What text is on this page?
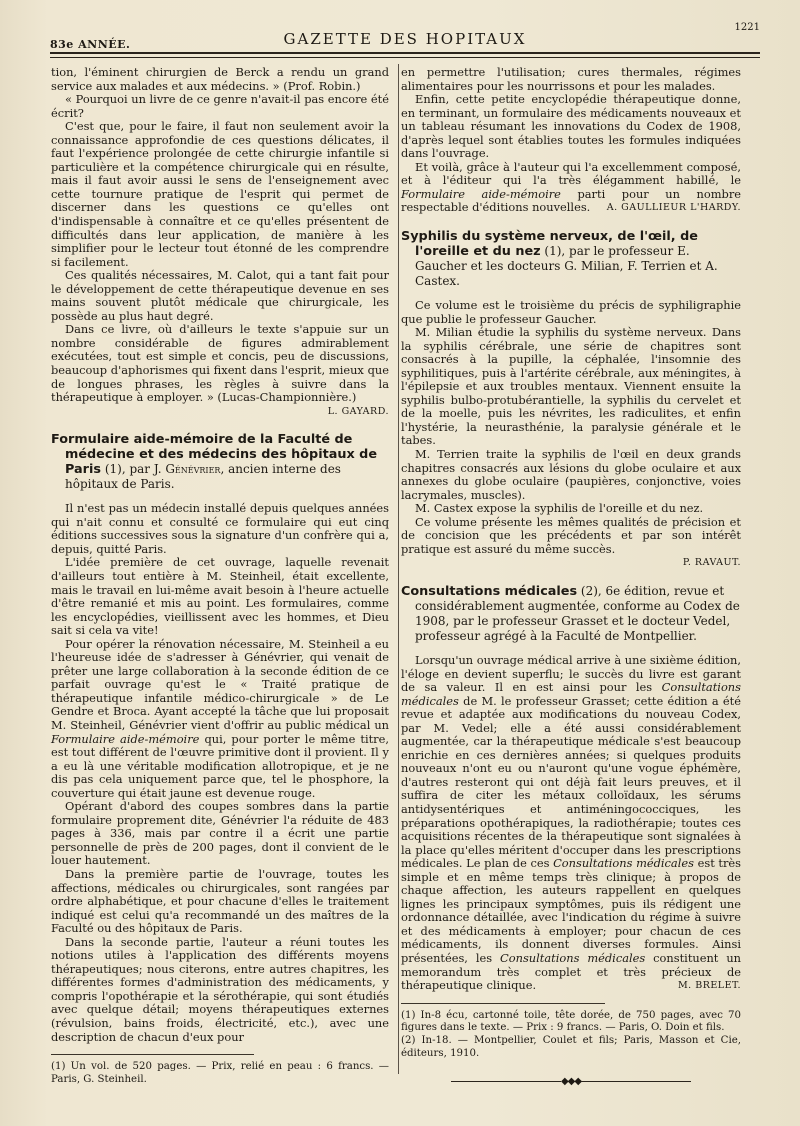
83e ANNÉE.	GAZETTE DES HOPITAUX
1221

tion, l'éminent chirurgien de Berck a rendu un grand service aux malades et aux médecins. » (Prof. Robin.)

« Pourquoi un livre de ce genre n'avait-il pas encore été écrit?

C'est que, pour le faire, il faut non seulement avoir la connaissance approfondie de ces questions délicates, il faut l'expérience prolongée de cette chirurgie infantile si particulière et la compétence chirurgicale qui en résulte, mais il faut avoir aussi le sens de l'enseignement avec cette tournure pratique de l'esprit qui permet de discerner dans les questions ce qu'elles ont d'indispensable à connaître et ce qu'elles présentent de difficultés dans leur application, de manière à les simplifier pour le lecteur tout étonné de les comprendre si facilement.

Ces qualités nécessaires, M. Calot, qui a tant fait pour le développement de cette thérapeutique devenue en ses mains souvent plutôt médicale que chirurgicale, les possède au plus haut degré.

Dans ce livre, où d'ailleurs le texte s'appuie sur un nombre considérable de figures admirablement exécutées, tout est simple et concis, peu de discussions, beaucoup d'aphorismes qui fixent dans l'esprit, mieux que de longues phrases, les règles à suivre dans la thérapeutique à employer. » (Lucas-Championnière.)

L. GAYARD.
Formulaire aide-mémoire de la Faculté de médecine et des médecins des hôpitaux de Paris (1), par J. Génévrier, ancien interne des hôpitaux de Paris.

Il n'est pas un médecin installé depuis quelques années qui n'ait connu et consulté ce formulaire qui eut cinq éditions successives sous la signature d'un confrère qui a, depuis, quitté Paris.

L'idée première de cet ouvrage, laquelle revenait d'ailleurs tout entière à M. Steinheil, était excellente, mais le travail en lui-même avait besoin à l'heure actuelle d'être remanié et mis au point. Les formulaires, comme les encyclopédies, vieillissent avec les hommes, et Dieu sait si cela va vite!

Pour opérer la rénovation nécessaire, M. Steinheil a eu l'heureuse idée de s'adresser à Génévrier, qui venait de prêter une large collaboration à la seconde édition de ce parfait ouvrage qu'est le « Traité pratique de thérapeutique infantile médico-chirurgicale » de Le Gendre et Broca. Ayant accepté la tâche que lui proposait M. Steinheil, Génévrier vient d'offrir au public médical un Formulaire aide-mémoire qui, pour porter le même titre, est tout différent de l'œuvre primitive dont il provient. Il y a eu là une véritable modification allotropique, et je ne dis pas cela uniquement parce que, tel le phosphore, la couverture qui était jaune est devenue rouge.

Opérant d'abord des coupes sombres dans la partie formulaire proprement dite, Génévrier l'a réduite de 483 pages à 336, mais par contre il a écrit une partie personnelle de près de 200 pages, dont il convient de le louer hautement.

Dans la première partie de l'ouvrage, toutes les affections, médicales ou chirurgicales, sont rangées par ordre alphabétique, et pour chacune d'elles le traitement indiqué est celui qu'a recommandé un des maîtres de la Faculté ou des hôpitaux de Paris.

Dans la seconde partie, l'auteur a réuni toutes les notions utiles à l'application des différents moyens thérapeutiques; nous citerons, entre autres chapitres, les différentes formes d'administration des médicaments, y compris l'opothérapie et la sérothérapie, qui sont étudiés avec quelque détail; moyens thérapeutiques externes (révulsion, bains froids, électricité, etc.), avec une description de chacun d'eux pour

(1) Un vol. de 520 pages. — Prix, relié en peau : 6 francs. — Paris, G. Steinheil.

en permettre l'utilisation; cures thermales, régimes alimentaires pour les nourrissons et pour les malades.

Enfin, cette petite encyclopédie thérapeutique donne, en terminant, un formulaire des médicaments nouveaux et un tableau résumant les innovations du Codex de 1908, d'après lequel sont établies toutes les formules indiquées dans l'ouvrage.

Et voilà, grâce à l'auteur qui l'a excellemment composé, et à l'éditeur qui l'a très élégamment habillé, le Formulaire aide-mémoire parti pour un nombre respectable d'éditions nouvelles.	A. GAULLIEUR L'HARDY.

Syphilis du système nerveux, de l'œil, de l'oreille et du nez (1), par le professeur E. Gaucher et les docteurs G. Milian, F. Terrien et A. Castex.

Ce volume est le troisième du précis de syphiligraphie que publie le professeur Gaucher.

M. Milian étudie la syphilis du système nerveux. Dans la syphilis cérébrale, une série de chapitres sont consacrés à la pupille, la céphalée, l'insomnie des syphilitiques, puis à l'artérite cérébrale, aux méningites, à l'épilepsie et aux troubles mentaux. Viennent ensuite la syphilis bulbo-protubérantielle, la syphilis du cervelet et de la moelle, puis les névrites, les radiculites, et enfin l'hystérie, la neurasthénie, la paralysie générale et le tabes.

M. Terrien traite la syphilis de l'œil en deux grands chapitres consacrés aux lésions du globe oculaire et aux annexes du globe oculaire (paupières, conjonctive, voies lacrymales, muscles).

M. Castex expose la syphilis de l'oreille et du nez.

Ce volume présente les mêmes qualités de précision et de concision que les précédents et par son intérêt pratique est assuré du même succès.

P. RAVAUT.
Consultations médicales (2), 6e édition, revue et considérablement augmentée, conforme au Codex de 1908, par le professeur Grasset et le docteur Vedel, professeur agrégé à la Faculté de Montpellier.

Lorsqu'un ouvrage médical arrive à une sixième édition, l'éloge en devient superflu; le succès du livre est garant de sa valeur. Il en est ainsi pour les Consultations médicales de M. le professeur Grasset; cette édition a été revue et adaptée aux modifications du nouveau Codex, par M. Vedel; elle a été aussi considérablement augmentée, car la thérapeutique médicale s'est beaucoup enrichie en ces dernières années; si quelques produits nouveaux n'ont eu ou n'auront qu'une vogue éphémère, d'autres resteront qui ont déjà fait leurs preuves, et il suffira de citer les métaux colloïdaux, les sérums antidysentériques et antiméningococciques, les préparations opothérapiques, la radiothérapie; toutes ces acquisitions récentes de la thérapeutique sont signalées à la place qu'elles méritent d'occuper dans les prescriptions médicales. Le plan de ces Consultations médicales est très simple et en même temps très clinique; à propos de chaque affection, les auteurs rappellent en quelques lignes les principaux symptômes, puis ils rédigent une ordonnance détaillée, avec l'indication du régime à suivre et des médicaments à employer; pour chacun de ces médicaments, ils donnent diverses formules. Ainsi présentées, les Consultations médicales constituent un memorandum très complet et très précieux de thérapeutique clinique.	M. BRELET.

(1) In-8 écu, cartonné toile, tête dorée, de 750 pages, avec 70 figures dans le texte. — Prix : 9 francs. — Paris, O. Doin et fils.

(2) In-18. — Montpellier, Coulet et fils; Paris, Masson et Cie, éditeurs, 1910.

◆◆◆
